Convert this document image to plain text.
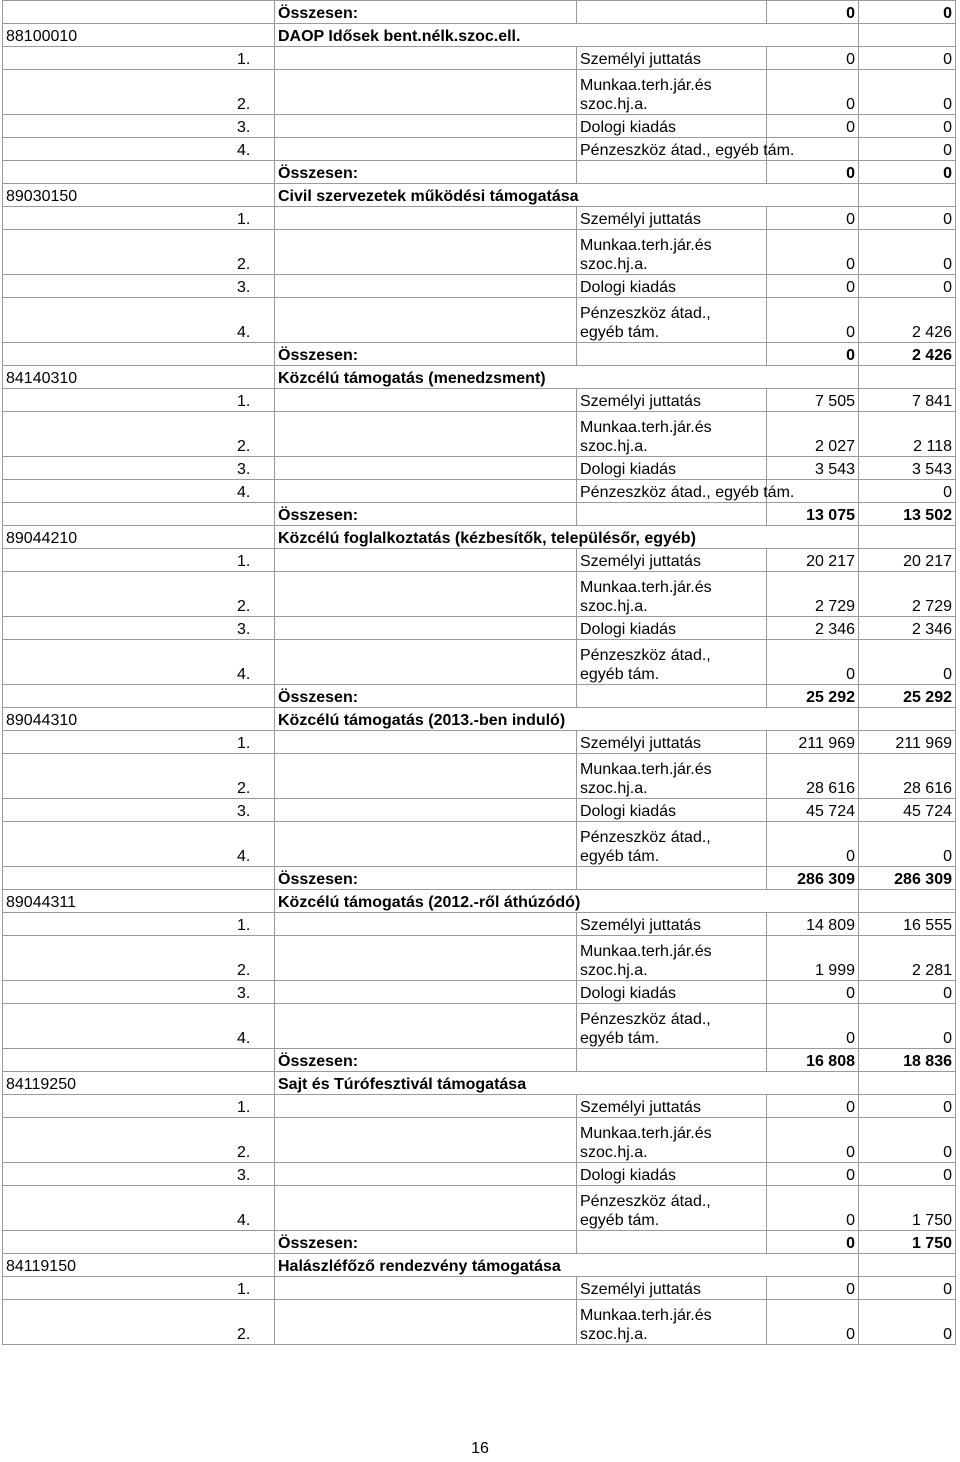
	Összesen:		0	0
88100010	DAOP Idősek bent.nélk.szoc.ell.			
1.		Személyi juttatás	0	0
2.		Munkaa.terh.jár.és
szoc.hj.a.	0	0
3.		Dologi kiadás	0	0
4.		Pénzeszköz átad., egyéb tám.		0
	Összesen:		0	0
89030150	Civil szervezetek működési támogatása			
1.		Személyi juttatás	0	0
2.		Munkaa.terh.jár.és
szoc.hj.a.	0	0
3.		Dologi kiadás	0	0
4.		Pénzeszköz átad.,
egyéb tám.	0	2 426
	Összesen:		0	2 426
84140310	Közcélú támogatás (menedzsment)			
1.		Személyi juttatás	7 505	7 841
2.		Munkaa.terh.jár.és
szoc.hj.a.	2 027	2 118
3.		Dologi kiadás	3 543	3 543
4.		Pénzeszköz átad., egyéb tám.		0
	Összesen:		13 075	13 502
89044210	Közcélú foglalkoztatás (kézbesítők, településőr, egyéb)			
1.		Személyi juttatás	20 217	20 217
2.		Munkaa.terh.jár.és
szoc.hj.a.	2 729	2 729
3.		Dologi kiadás	2 346	2 346
4.		Pénzeszköz átad.,
egyéb tám.	0	0
	Összesen:		25 292	25 292
89044310	Közcélú támogatás (2013.-ben induló)			
1.		Személyi juttatás	211 969	211 969
2.		Munkaa.terh.jár.és
szoc.hj.a.	28 616	28 616
3.		Dologi kiadás	45 724	45 724
4.		Pénzeszköz átad.,
egyéb tám.	0	0
	Összesen:		286 309	286 309
89044311	Közcélú támogatás (2012.-ről áthúzódó)			
1.		Személyi juttatás	14 809	16 555
2.		Munkaa.terh.jár.és
szoc.hj.a.	1 999	2 281
3.		Dologi kiadás	0	0
4.		Pénzeszköz átad.,
egyéb tám.	0	0
	Összesen:		16 808	18 836
84119250	Sajt és Túrófesztivál támogatása			
1.		Személyi juttatás	0	0
2.		Munkaa.terh.jár.és
szoc.hj.a.	0	0
3.		Dologi kiadás	0	0
4.		Pénzeszköz átad.,
egyéb tám.	0	1 750
	Összesen:		0	1 750
84119150	Halászléfőző rendezvény támogatása			
1.		Személyi juttatás	0	0
2.		Munkaa.terh.jár.és
szoc.hj.a.	0	0
16
